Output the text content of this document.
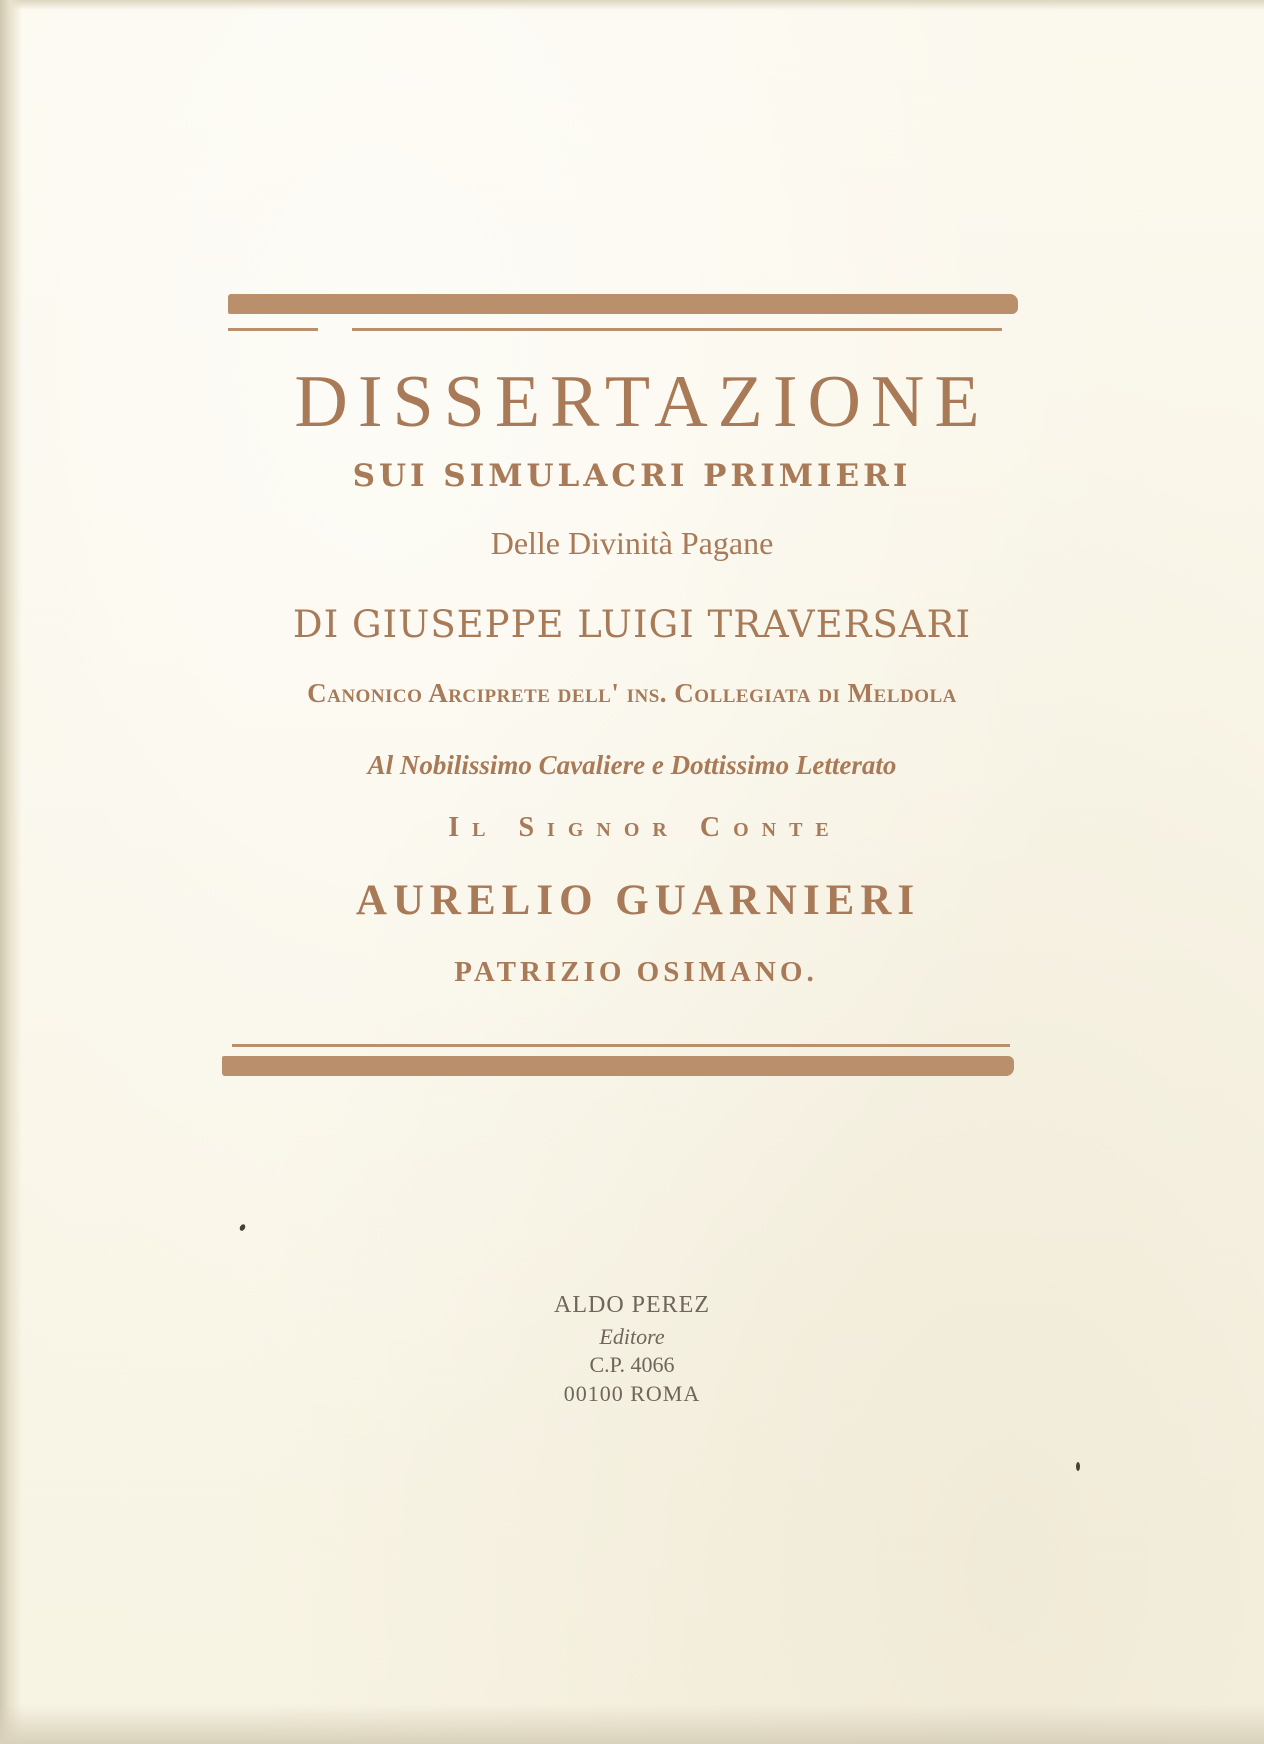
DISSERTAZIONE
SUI SIMULACRI PRIMIERI
Delle Divinità Pagane
DI GIUSEPPE LUIGI TRAVERSARI
Canonico Arciprete dell' ins. Collegiata di Meldola
Al Nobilissimo Cavaliere e Dottissimo Letterato
Il Signor Conte
AURELIO GUARNIERI
PATRIZIO OSIMANO.
ALDO PEREZ
Editore
C.P. 4066
00100 ROMA
